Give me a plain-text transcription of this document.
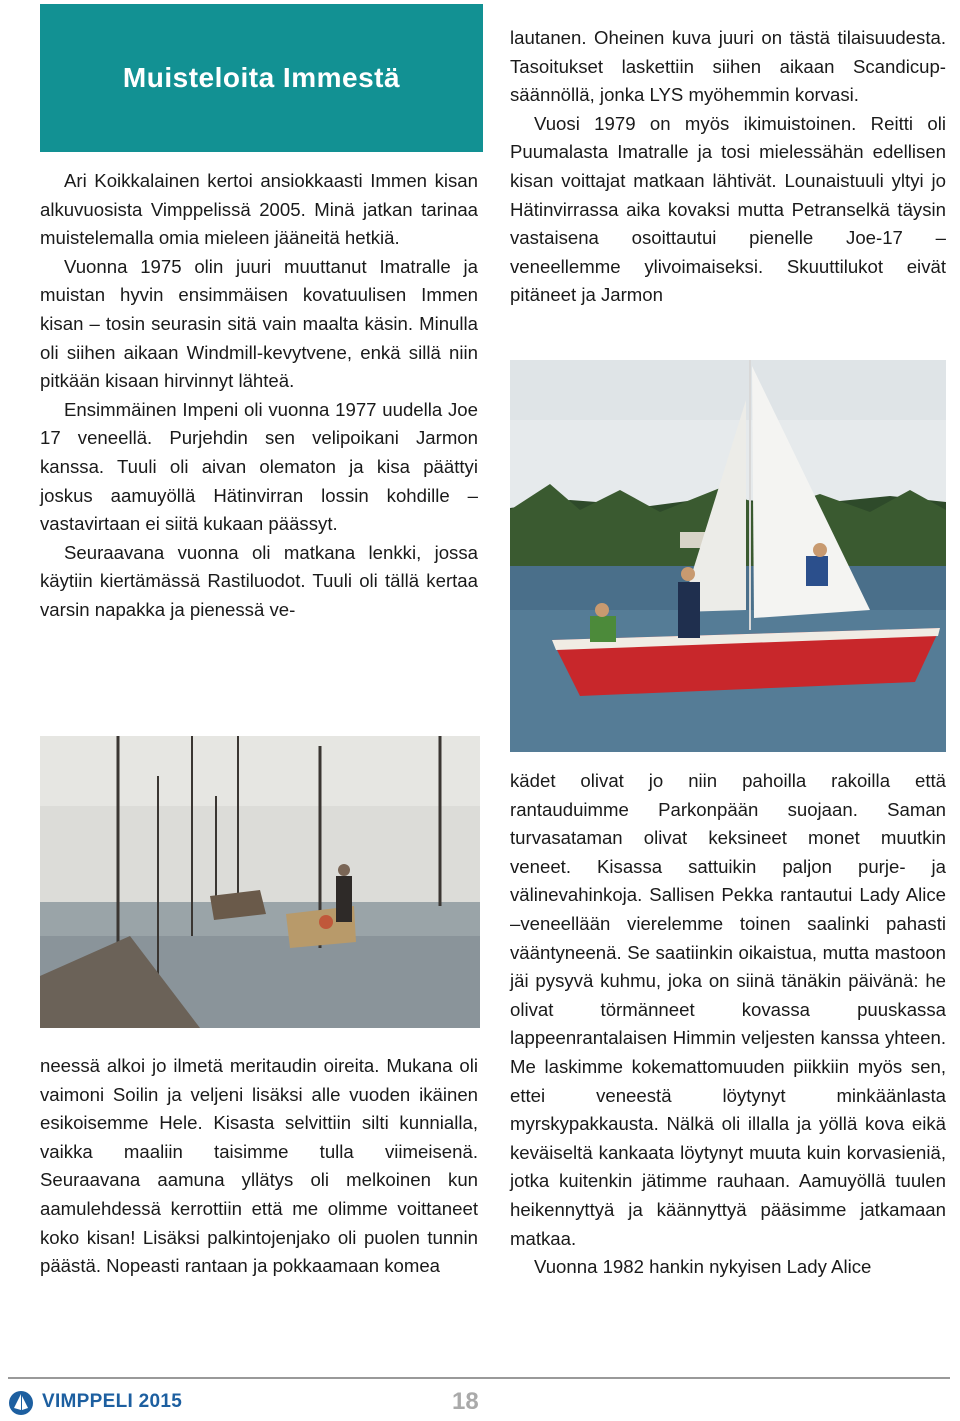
Muisteloita Immestä

Ari Koikkalainen kertoi ansiokkaasti Immen kisan alkuvuosista Vimppelissä 2005. Minä jatkan tarinaa muistelemalla omia mieleen jääneitä hetkiä.

Vuonna 1975 olin juuri muuttanut Imatralle ja muistan hyvin ensimmäisen kovatuulisen Immen kisan – tosin seurasin sitä vain maalta käsin. Minulla oli siihen aikaan Windmill-kevytvene, enkä sillä niin pitkään kisaan hirvinnyt lähteä.

Ensimmäinen Impeni oli vuonna 1977 uudella Joe 17 veneellä. Purjehdin sen velipoikani Jarmon kanssa. Tuuli oli aivan olematon ja kisa päättyi joskus aamuyöllä Hätinvirran lossin kohdille – vastavirtaan ei siitä kukaan päässyt.

Seuraavana vuonna oli matkana lenkki, jossa käytiin kiertämässä Rastiluodot. Tuuli oli tällä kertaa varsin napakka ja pienessä ve-

lautanen. Oheinen kuva juuri on tästä tilaisuudesta. Tasoitukset laskettiin siihen aikaan Scandicup-säännöllä, jonka LYS myöhemmin korvasi.

Vuosi 1979 on myös ikimuistoinen. Reitti oli Puumalasta Imatralle ja tosi mielessähän edellisen kisan voittajat matkaan lähtivät. Lounaistuuli yltyi jo Hätinvirrassa aika kovaksi mutta Petranselkä täysin vastaisena osoittautui pienelle Joe-17 –veneellemme ylivoimaiseksi. Skuuttilukot eivät pitäneet ja Jarmon

neessä alkoi jo ilmetä meritaudin oireita. Mukana oli vaimoni Soilin ja veljeni lisäksi alle vuoden ikäinen esikoisemme Hele. Kisasta selvittiin silti kunnialla, vaikka maaliin taisimme tulla viimeisenä. Seuraavana aamuna yllätys oli melkoinen kun aamulehdessä kerrottiin että me olimme voittaneet koko kisan! Lisäksi palkintojenjako oli puolen tunnin päästä. Nopeasti rantaan ja pokkaamaan komea

kädet olivat jo niin pahoilla rakoilla että rantauduimme Parkonpään suojaan. Saman turvasataman olivat keksineet monet muutkin veneet. Kisassa sattuikin paljon purje- ja välinevahinkoja. Sallisen Pekka rantautui Lady Alice –veneellään vierelemme toinen saalinki pahasti vääntyneenä. Se saatiinkin oikaistua, mutta mastoon jäi pysyvä kuhmu, joka on siinä tänäkin päivänä: he olivat törmänneet kovassa puuskassa lappeenrantalaisen Himmin veljesten kanssa yhteen. Me laskimme kokemattomuuden piikkiin myös sen, ettei veneestä löytynyt minkäänlasta myrskypakkausta. Nälkä oli illalla ja yöllä kova eikä keväiseltä kankaata löytynyt muuta kuin korvasieniä, jotka kuitenkin jätimme rauhaan. Aamuyöllä tuulen heikennyttyä ja käännyttyä pääsimme jatkamaan matkaa.

Vuonna 1982 hankin nykyisen Lady Alice

VIMPPELI 2015	18
